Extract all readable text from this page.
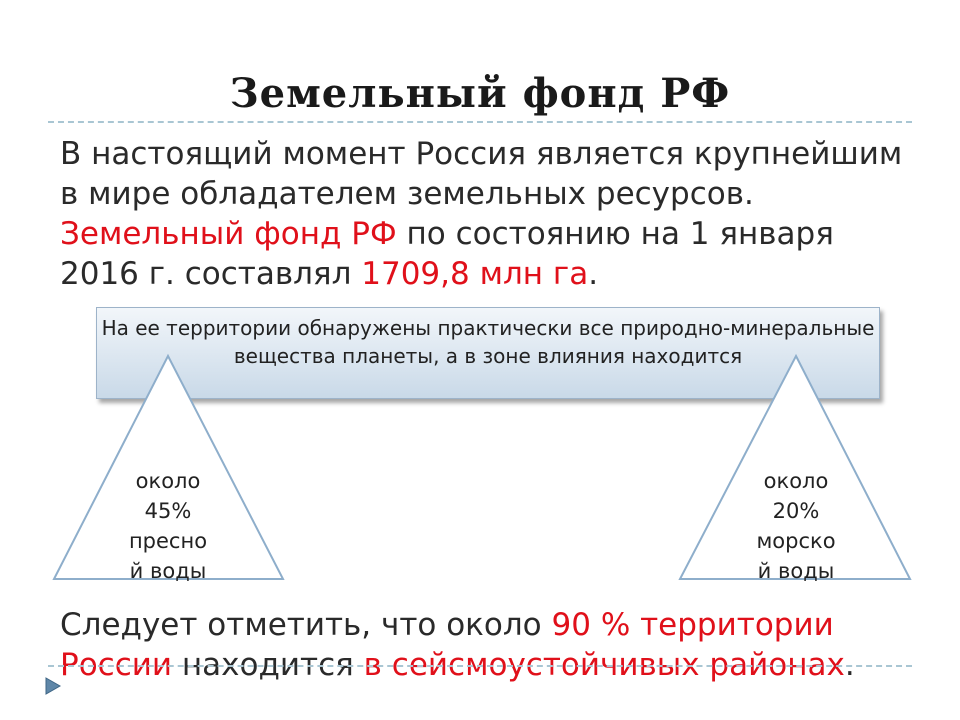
Земельный фонд РФ
В настоящий момент Россия является крупнейшим в мире обладателем земельных ресурсов. Земельный фонд РФ по состоянию на 1 января 2016 г. составлял 1709,8 млн га.
На ее территории обнаружены практически все природно-минеральные вещества планеты, а в зоне влияния находится
около
45%
пресно
й воды
около
20%
морско
й воды
Следует отметить, что около 90 % территории России находится в сейсмоустойчивых районах.
